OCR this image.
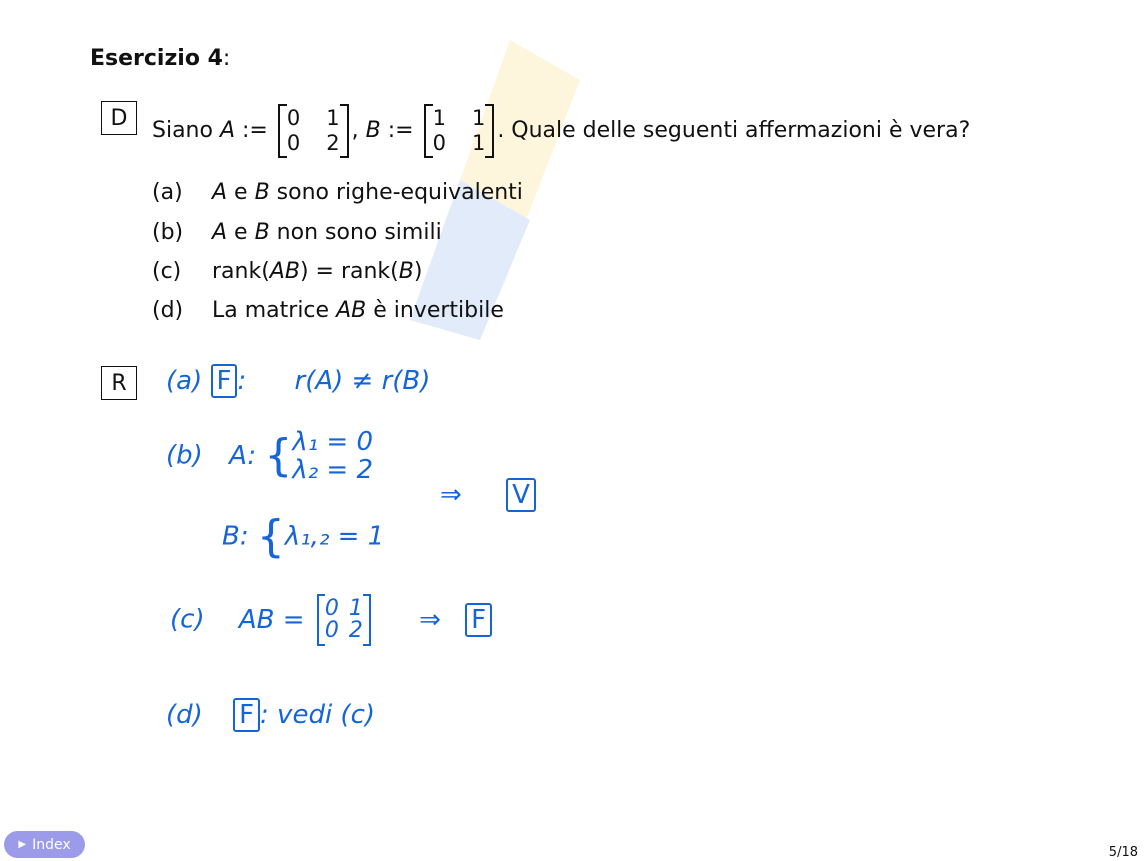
Esercizio 4:
D	Siano A := 0 1
0 2 , B := 1 1
0 1 . Quale delle seguenti affermazioni è vera?
(a) A e B sono righe-equivalenti
(b) A e B non sono simili
(c) rank(AB) = rank(B)
(d) La matrice AB è invertibile
R	(a) F : r(A) ≠ r(B)
(b) A: {λ₁ = 0
λ₂ = 2
⇒ V
B: {λ₁,₂ = 1
(c) AB = 0 1
0 2 ⇒ F
(d) F : vedi (c)
▶ Index	5/18
